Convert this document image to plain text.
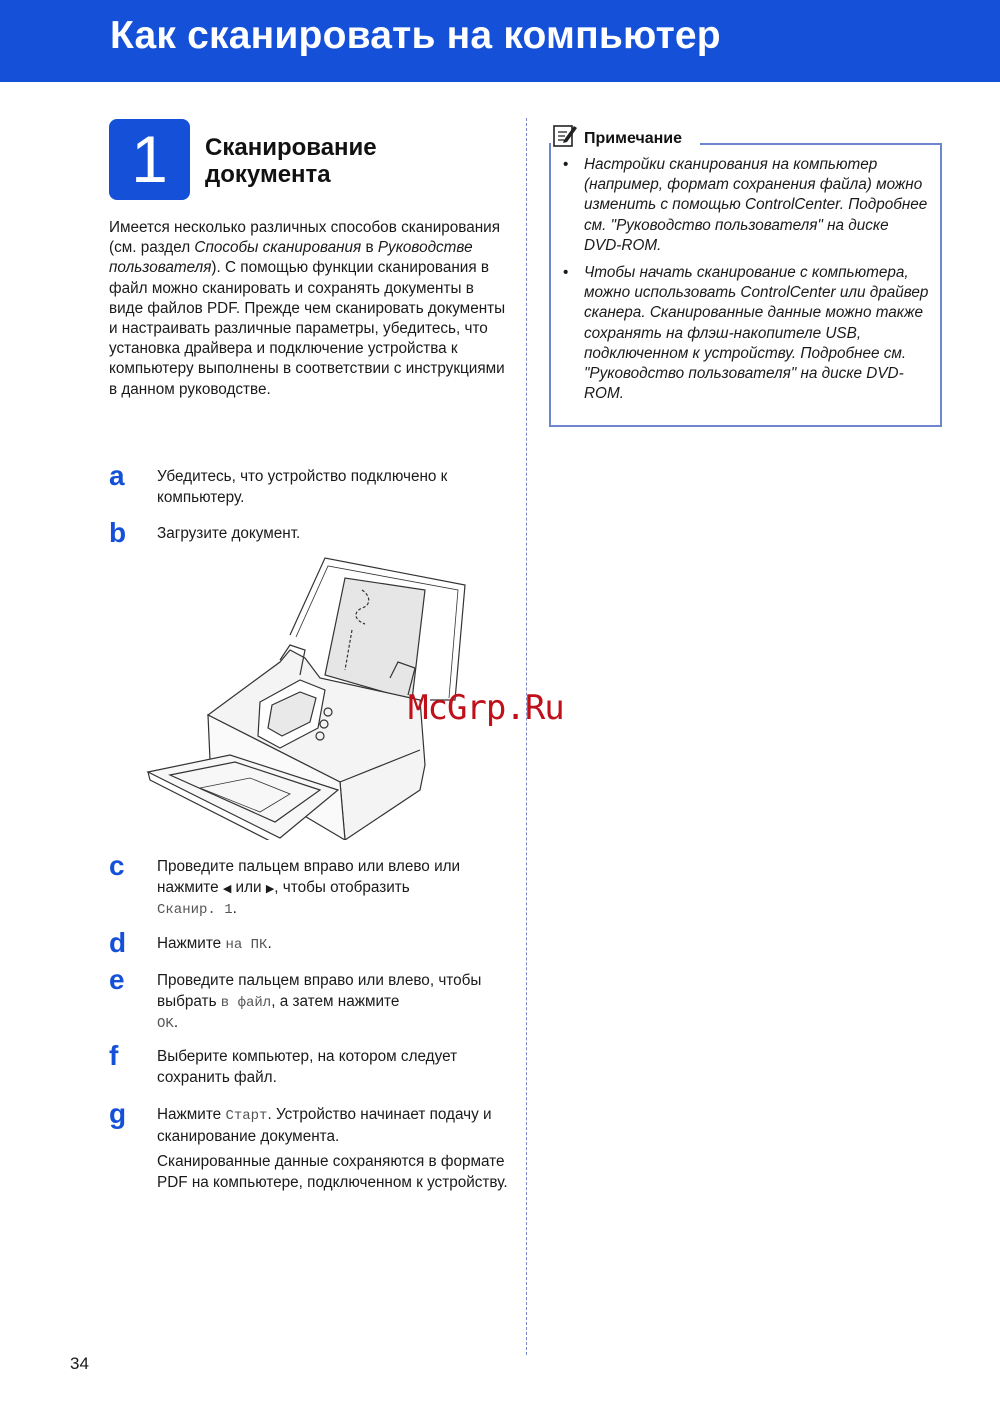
Как сканировать на компьютер
1	Сканирование документа

Имеется несколько различных способов сканирования (см. раздел Способы сканирования в Руководстве пользователя). С помощью функции сканирования в файл можно сканировать и сохранять документы в виде файлов PDF. Прежде чем сканировать документы и настраивать различные параметры, убедитесь, что установка драйвера и подключение устройства к компьютеру выполнены в соответствии с инструкциями в данном руководстве.

a Убедитесь, что устройство подключено к компьютеру.

b Загрузите документ.

McGrp.Ru
c Проведите пальцем вправо или влево или нажмите ◀ или ▶, чтобы отобразить
Сканир. 1.

d Нажмите на ПК.

e Проведите пальцем вправо или влево, чтобы выбрать в файл, а затем нажмите
OK.

f	Выберите компьютер, на котором следует сохранить файл.

g Нажмите Старт. Устройство начинает подачу и сканирование документа.

Сканированные данные сохраняются в формате PDF на компьютере, подключенном к устройству.

Примечание
• Настройки сканирования на компьютер (например, формат сохранения файла) можно изменить с помощью ControlCenter. Подробнее см. "Руководство пользователя" на диске DVD-ROM.
• Чтобы начать сканирование с компьютера, можно использовать ControlCenter или драйвер сканера. Сканированные данные можно также сохранять на флэш-накопителе USB, подключенном к устройству. Подробнее см. "Руководство пользователя" на диске DVD-ROM.
34
